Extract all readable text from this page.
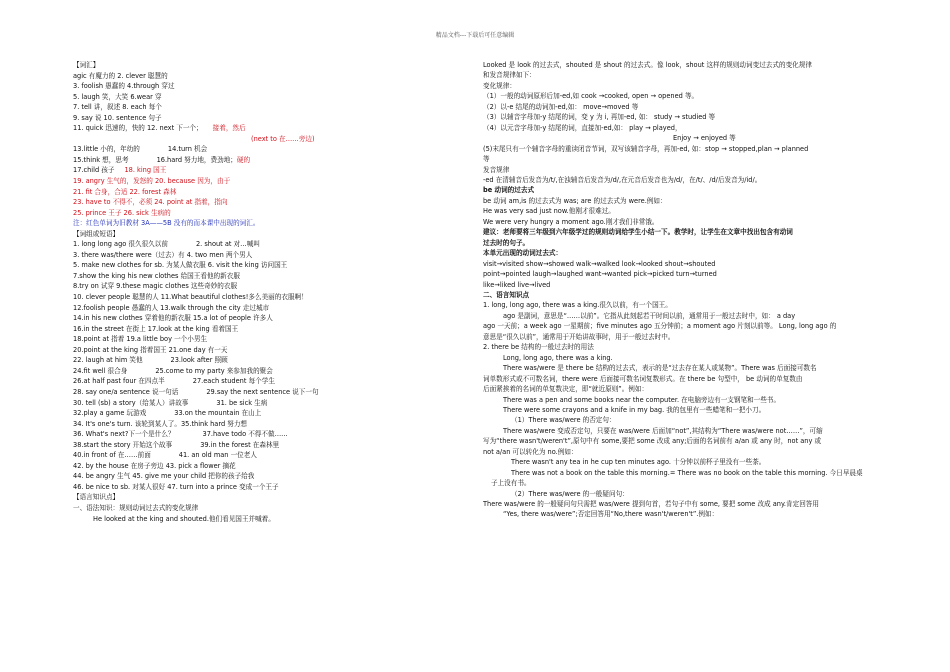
精品文档---下载后可任意编辑
【词汇】
agic 有魔力的 2. clever 聪慧的
3. foolish 愚蠢的 4.through 穿过
5. laugh 笑，大笑 6.wear 穿
7. tell 讲，叙述 8. each 每个
9. say 说 10. sentence 句子
11. quick 迅速的，快的 12. next 下一个； 接着，然后
(next to 在……旁边)
13.little 小的，年幼的	14.turn 机会
15.think 想，思考	16.hard 努力地，费劲地；硬的
17.child 孩子 18. king 国王
19. angry 生气的，发怒的 20. because 因为，由于
21. fit 合身，合适 22. forest 森林
23. have to 不得不，必须 24. point at 指着，指向
25. prince 王子 26. sick 生病的
注：红色单词为旧教材 3A——5B 没有的而本课中出现的词汇。
【词组或短语】
1. long long ago 很久很久以前	2. shout at 对…喊叫
3. there was/there were（过去）有 4. two men 两个男人
5. make new clothes for sb. 为某人做衣服 6. visit the king 访问国王
7.show the king his new clothes 给国王看他的新衣服
8.try on 试穿 9.these magic clothes 这些奇妙的衣服
10. clever people 聪慧的人 11.What beautiful clothes!多么美丽的衣服啊！
12.foolish people 愚蠢的人 13.walk through the city 走过城市
14.in his new clothes 穿着他的新衣服 15.a lot of people 许多人
16.in the street 在街上 17.look at the king 看着国王
18.point at 指着 19.a little boy 一个小男生
20.point at the king 指着国王 21.one day 有一天
22. laugh at him 笑他	23.look after 照顾
24.fit well 很合身	25.come to my party 来参加我的聚会
26.at half past four 在四点半	27.each student 每个学生
28. say one/a sentence 说一句话	29.say the next sentence 说下一句
30. tell (sb) a story（给某人）讲故事	31. be sick 生病
32.play a game 玩游戏	33.on the mountain 在山上
34. It's one's turn. 该轮到某人了。35.think hard 努力想
36. What's next?下一个是什么？	37.have todo 不得不做……
38.start the story 开始这个故事	39.in the forest 在森林里
40.in front of 在……前面	41. an old man 一位老人
42. by the house 在房子旁边 43. pick a flower 摘花
44. be angry 生气 45. give me your child 把你的孩子给我
46. be nice to sb. 对某人很好 47. turn into a prince 变成一个王子
【语言知识点】
一、语法知识：规则动词过去式的变化规律
He looked at the king and shouted.他们看见国王并喊着。
Looked 是 look 的过去式，shouted 是 shout 的过去式。像 look，shout 这样的规则动词变过去式的变化规律
和发音规律如下：
变化规律：
（1）一般的动词原形后加-ed,如 cook →cooked, open → opened 等。
（2）以-e 结尾的动词加-ed,如： move→moved 等
（3）以辅音字母加-y 结尾的词，变 y 为 i, 再加-ed, 如： study → studied 等
（4）以元音字母加-y 结尾的词，直接加-ed,如： play → played，
Enjoy → enjoyed 等
(5)末尾只有一个辅音字母的重读闭音节词，双写该辅音字母，再加-ed, 如：stop → stopped,plan → planned
等
发音规律
-ed 在清辅音后发音为/t/,在浊辅音后发音为/d/,在元音后发音也为/d/，在/t/、/d/后发音为/id/。
be 动词的过去式
be 动词 am,is 的过去式为 was; are 的过去式为 were.例如：
He was very sad just now.他刚才很难过。
We were very hungry a moment ago.刚才我们非常饿。
建议：老师要将三年级到六年级学过的规则动词给学生小结一下。教学时，让学生在文章中找出包含有动词
过去时的句子。
本单元出现的动词过去式：
visit→visited show→showed walk→walked look→looked shout→shouted
point→pointed laugh→laughed want→wanted pick→picked turn→turned
like→liked live→lived
二、语言知识点
1. long, long ago, there was a king.很久以前，有一个国王。
ago 是副词，意思是“……以前”。它指从此刻起若干时间以前，通常用于一般过去时中，如： a day
ago 一天前；a week ago 一星期前；five minutes ago 五分钟前；a moment ago 片刻以前等。 Long, long ago 的
意思是“很久以前”，通常用于开始讲故事时，用于一般过去时中。
2. there be 结构的一般过去时的用法
Long, long ago, there was a king.
There was/were 是 there be 结构的过去式，表示的是“过去存在某人或某物”。There was 后面接可数名
词单数形式或不可数名词，there were 后面接可数名词复数形式。在 there be 句型中， be 动词的单复数由
后面紧挨着的名词的单复数决定，即“就近原则”。例如：
There was a pen and some books near the computer. 在电脑旁边有一支钢笔和一些书。
There were some crayons and a knife in my bag. 我的包里有一些蜡笔和一把小刀。
（1）There was/were 的否定句：
There was/were 变成否定句，只要在 was/were 后面加“not”,其结构为“There was/were not……”，可缩
写为“there wasn't/weren't”,原句中有 some,要把 some 改成 any;后面的名词前有 a/an 或 any 时，not any 或
not a/an 可以转化为 no.例如：
There wasn't any tea in he cup ten minutes ago. 十分钟以前杯子里没有一些茶。
There was not a book on the table this morning.= There was no book on the table this morning. 今日早晨桌
子上没有书。
（2）There was/were 的一般疑问句：
There was/were 的一般疑问句只需把 was/were 提到句首，若句子中有 some, 要把 some 改成 any.肯定回答用
“Yes, there was/were”;否定回答用“No,there wasn't/weren't”.例如：
